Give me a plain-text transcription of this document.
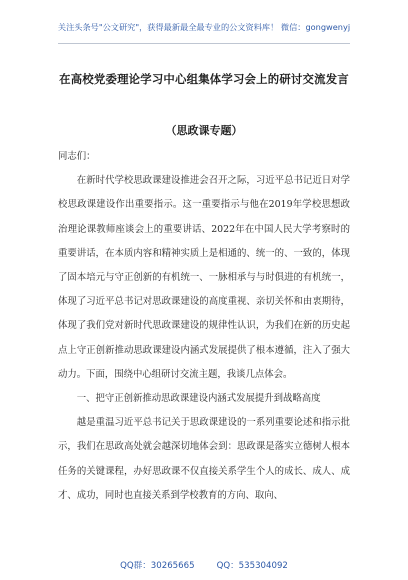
关注头条号"公文研究"，获得最新最全最专业的公文资料库！ 微信：gongwenyj
在高校党委理论学习中心组集体学习会上的研讨交流发言
（思政课专题）

同志们：

在新时代学校思政课建设推进会召开之际，习近平总书记近日对学校思政课建设作出重要指示。这一重要指示与他在2019年学校思想政治理论课教师座谈会上的重要讲话、2022年在中国人民大学考察时的重要讲话，在本质内容和精神实质上是相通的、统一的、一致的，体现了固本培元与守正创新的有机统一、一脉相承与与时俱进的有机统一，体现了习近平总书记对思政课建设的高度重视、亲切关怀和由衷期待，体现了我们党对新时代思政课建设的规律性认识，为我们在新的历史起点上守正创新推动思政课建设内涵式发展提供了根本遵循，注入了强大动力。下面，围绕中心组研讨交流主题，我谈几点体会。

一、把守正创新推动思政课建设内涵式发展提升到战略高度

越是重温习近平总书记关于思政课建设的一系列重要论述和指示批示，我们在思政高处就会越深切地体会到：思政课是落实立德树人根本任务的关键课程，办好思政课不仅直接关系学生个人的成长、成人、成才、成功，同时也直接关系到学校教育的方向、取向、

QQ群：30265665	QQ：535304092
